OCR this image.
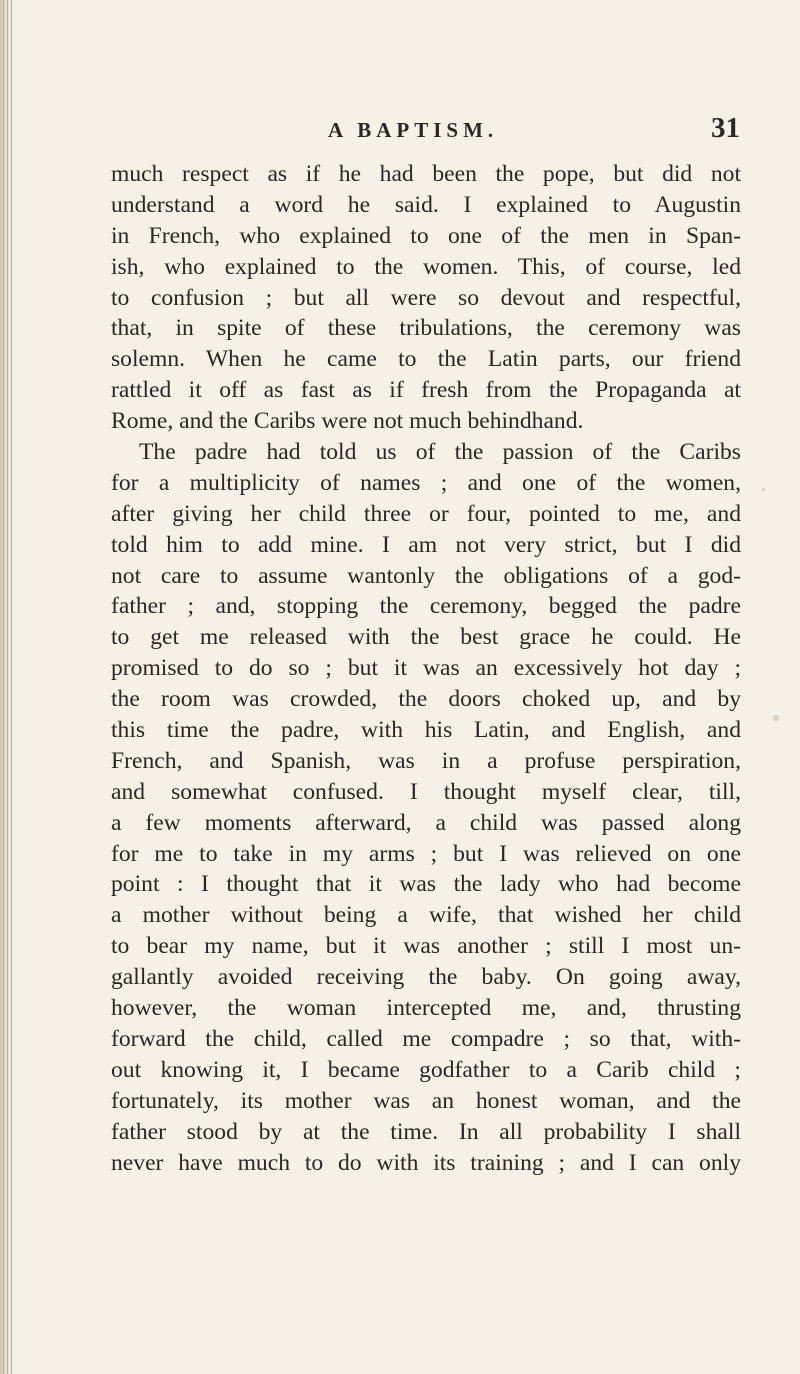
A BAPTISM.	31
much respect as if he had been the pope, but did not
understand a word he said. I explained to Augustin
in French, who explained to one of the men in Span-
ish, who explained to the women. This, of course, led
to confusion ; but all were so devout and respectful,
that, in spite of these tribulations, the ceremony was
solemn. When he came to the Latin parts, our friend
rattled it off as fast as if fresh from the Propaganda at
Rome, and the Caribs were not much behindhand.
The padre had told us of the passion of the Caribs
for a multiplicity of names ; and one of the women,
after giving her child three or four, pointed to me, and
told him to add mine. I am not very strict, but I did
not care to assume wantonly the obligations of a god-
father ; and, stopping the ceremony, begged the padre
to get me released with the best grace he could. He
promised to do so ; but it was an excessively hot day ;
the room was crowded, the doors choked up, and by
this time the padre, with his Latin, and English, and
French, and Spanish, was in a profuse perspiration,
and somewhat confused. I thought myself clear, till,
a few moments afterward, a child was passed along
for me to take in my arms ; but I was relieved on one
point : I thought that it was the lady who had become
a mother without being a wife, that wished her child
to bear my name, but it was another ; still I most un-
gallantly avoided receiving the baby. On going away,
however, the woman intercepted me, and, thrusting
forward the child, called me compadre ; so that, with-
out knowing it, I became godfather to a Carib child ;
fortunately, its mother was an honest woman, and the
father stood by at the time. In all probability I shall
never have much to do with its training ; and I can only
